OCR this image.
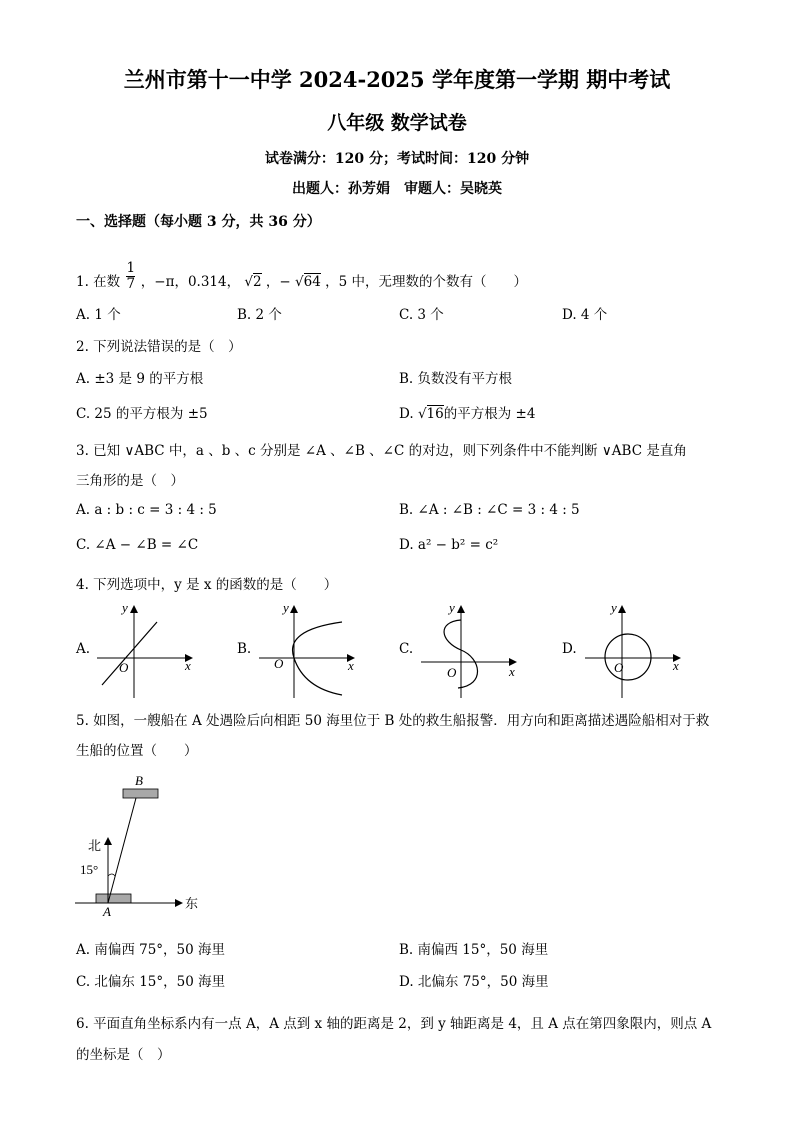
兰州市第十一中学 2024-2025 学年度第一学期 期中考试
八年级 数学试卷
试卷满分：120 分；考试时间：120 分钟
出题人：孙芳娟　审题人：吴晓英
一、选择题（每小题 3 分，共 36 分）
1. 在数
$\frac{1}{7}$
，−π，0.314， √2 ，− √64 ，5 中，无理数的个数有（　　）
A. 1 个	B. 2 个	C. 3 个	D. 4 个
2. 下列说法错误的是（　）
A. ±3 是 9 的平方根	B. 负数没有平方根
C. 25 的平方根为 ±5	D. √16的平方根为 ±4
3. 已知 ∨ABC 中，a 、b 、c 分别是 ∠A 、∠B 、∠C 的对边，则下列条件中不能判断 ∨ABC 是直角
三角形的是（　）
A. a : b : c = 3 : 4 : 5	B. ∠A : ∠B : ∠C = 3 : 4 : 5
C. ∠A − ∠B = ∠C	D. a² − b² = c²
4. 下列选项中，y 是 x 的函数的是（　　）
A.	B.	C.	D.
y
x
O
y
x
O
y
x
O
y
x
O
5. 如图，一艘船在 A 处遇险后向相距 50 海里位于 B 处的救生船报警．用方向和距离描述遇险船相对于救
生船的位置（　　）
B
A
北
东
15°
A. 南偏西 75°，50 海里	B. 南偏西 15°，50 海里
C. 北偏东 15°，50 海里	D. 北偏东 75°，50 海里
6. 平面直角坐标系内有一点 A，A 点到 x 轴的距离是 2，到 y 轴距离是 4，且 A 点在第四象限内，则点 A
的坐标是（　）
